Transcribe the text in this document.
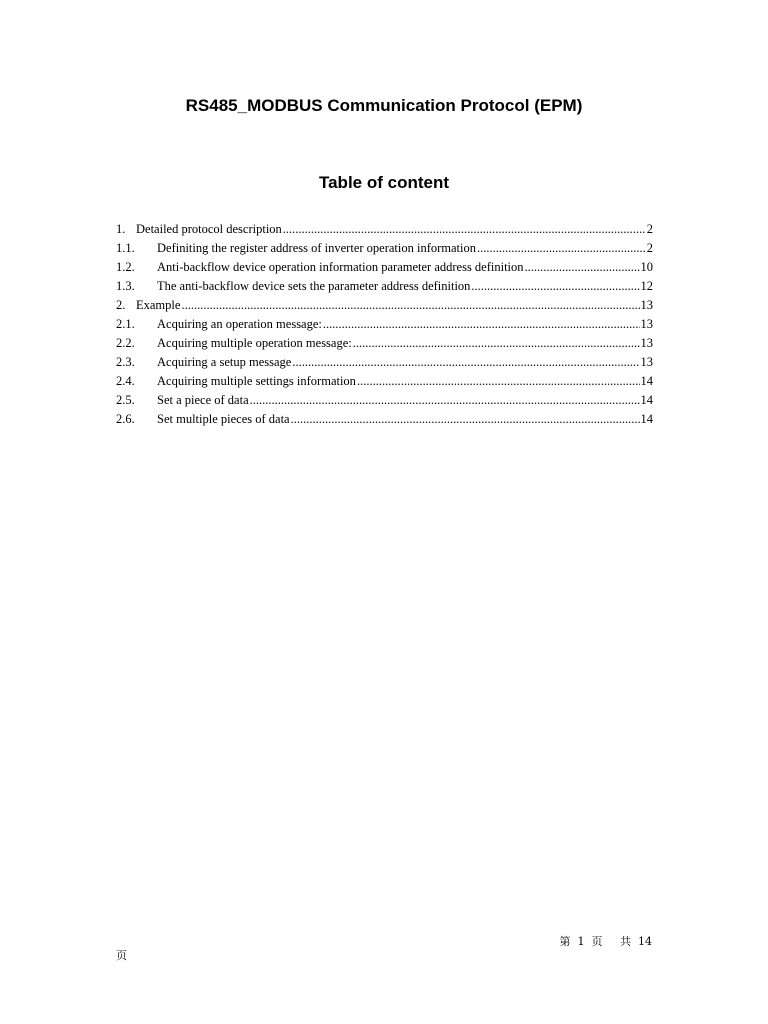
RS485_MODBUS Communication Protocol (EPM)
Table of content
1. Detailed protocol description .....	2
1.1.	Definiting the register address of inverter operation information .....	2
1.2.	Anti-backflow device operation information parameter address definition .....	10
1.3.	The anti-backflow device sets the parameter address definition .....	12
2. Example .....	13
2.1.	Acquiring an operation message: .....	13
2.2.	Acquiring multiple operation message: .....	13
2.3.	Acquiring a setup message .....	13
2.4.	Acquiring multiple settings information .....	14
2.5.	Set a piece of data .....	14
2.6.	Set multiple pieces of data .....	14
第  1  页     共  14
页
